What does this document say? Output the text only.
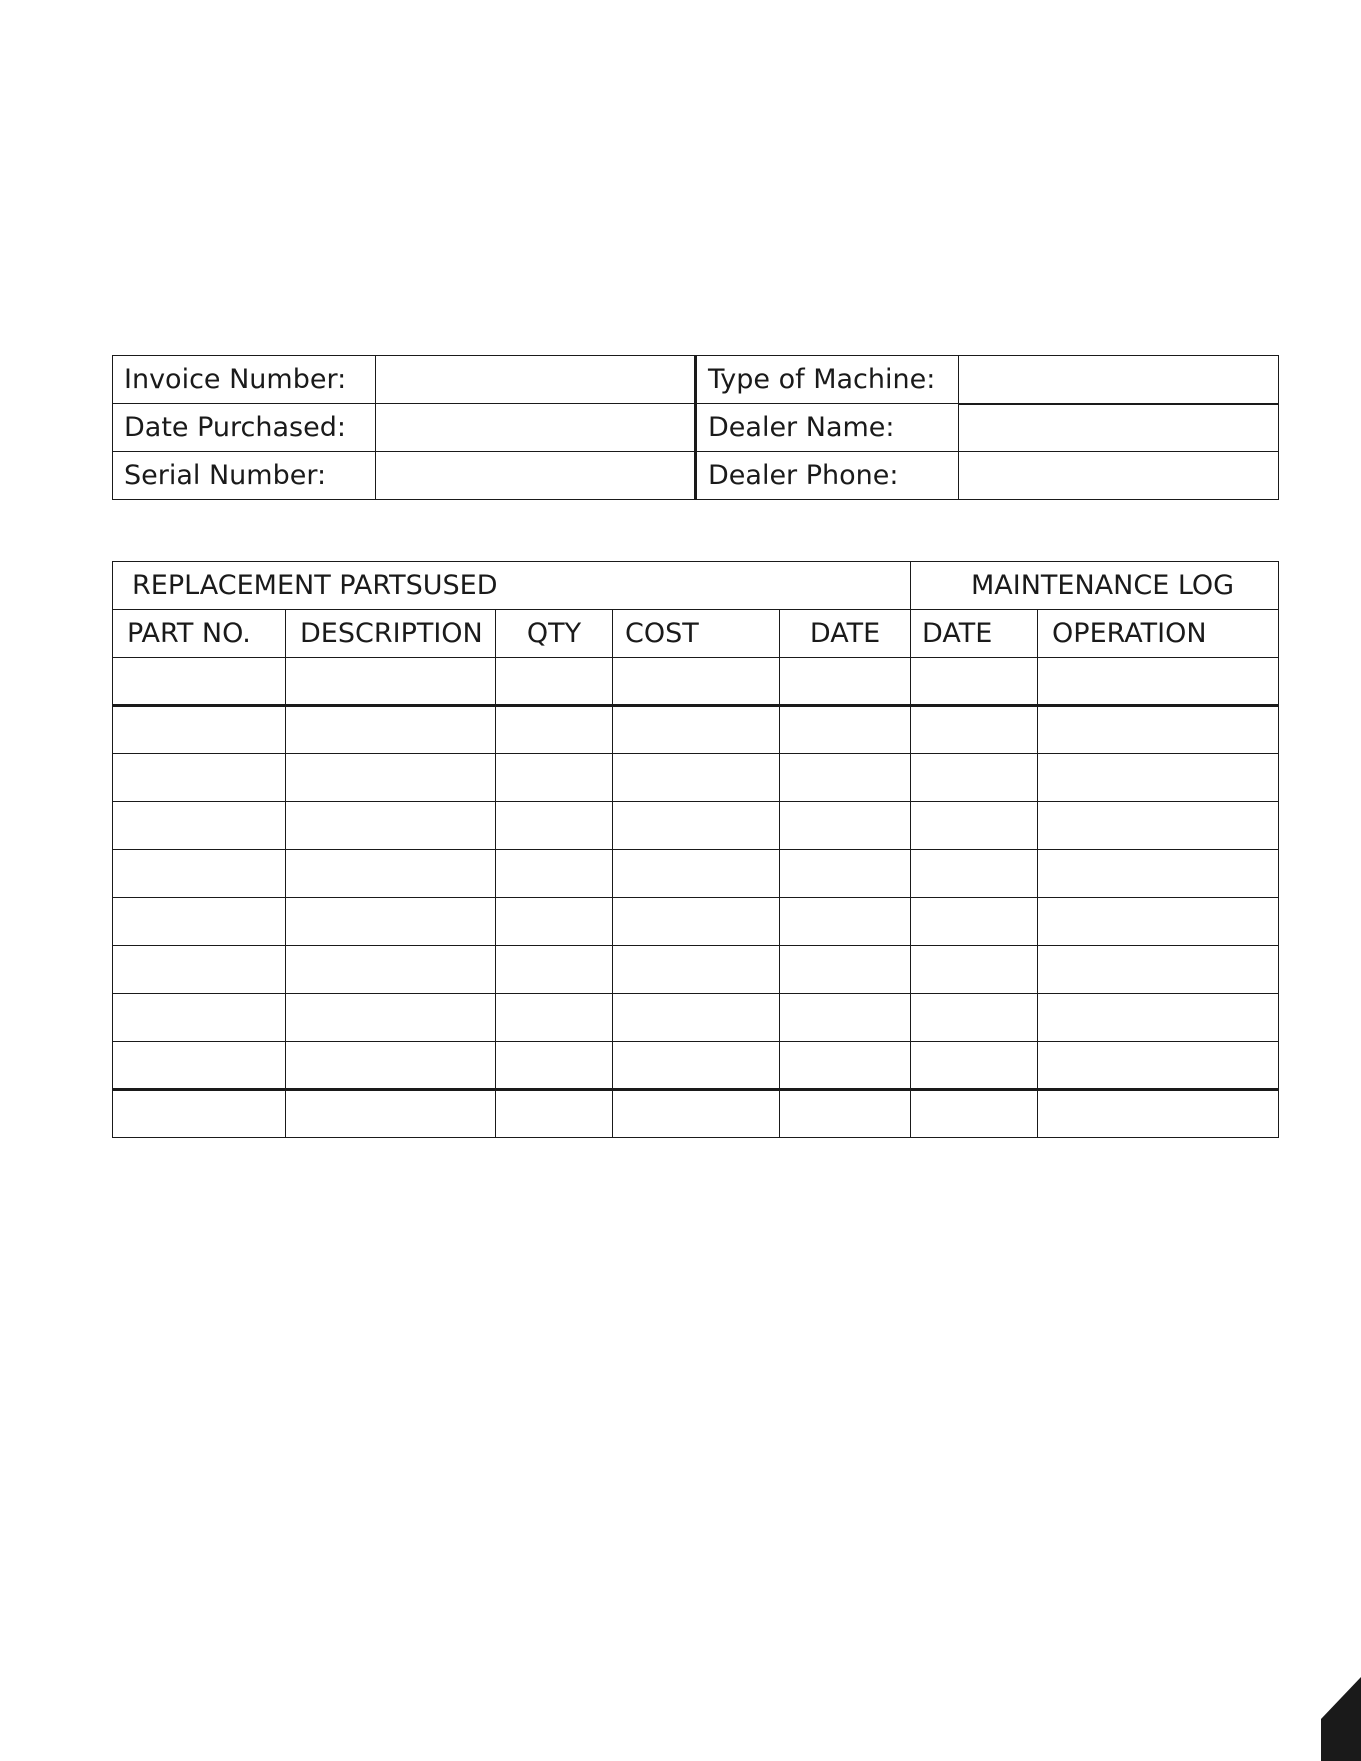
Invoice Number:		Type of Machine:	
Date Purchased:		Dealer Name:	
Serial Number:		Dealer Phone:	
REPLACEMENT PARTSUSED					MAINTENANCE LOG	
PART NO.	DESCRIPTION	QTY	COST	DATE	DATE	OPERATION
